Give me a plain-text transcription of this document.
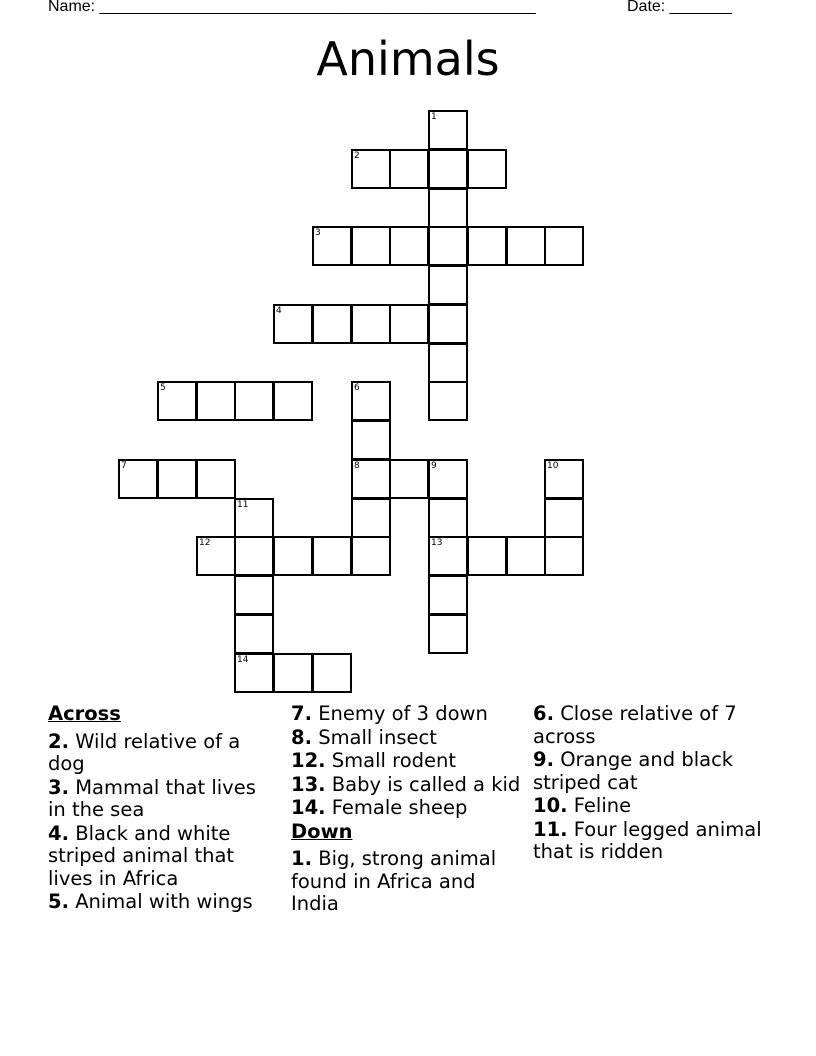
Name: _________________________________________________	Date: _______
Animals
1
2
3
4
5	6
8
7	9
13
10
11
14
12
Across
2. Wild relative of a dog
3. Mammal that lives in the sea
4. Black and white striped animal that lives in Africa
5. Animal with wings
7. Enemy of 3 down
8. Small insect
12. Small rodent
13. Baby is called a kid
14. Female sheep
Down
1. Big, strong animal found in Africa and India
6. Close relative of 7 across
9. Orange and black striped cat
10. Feline
11. Four legged animal that is ridden
